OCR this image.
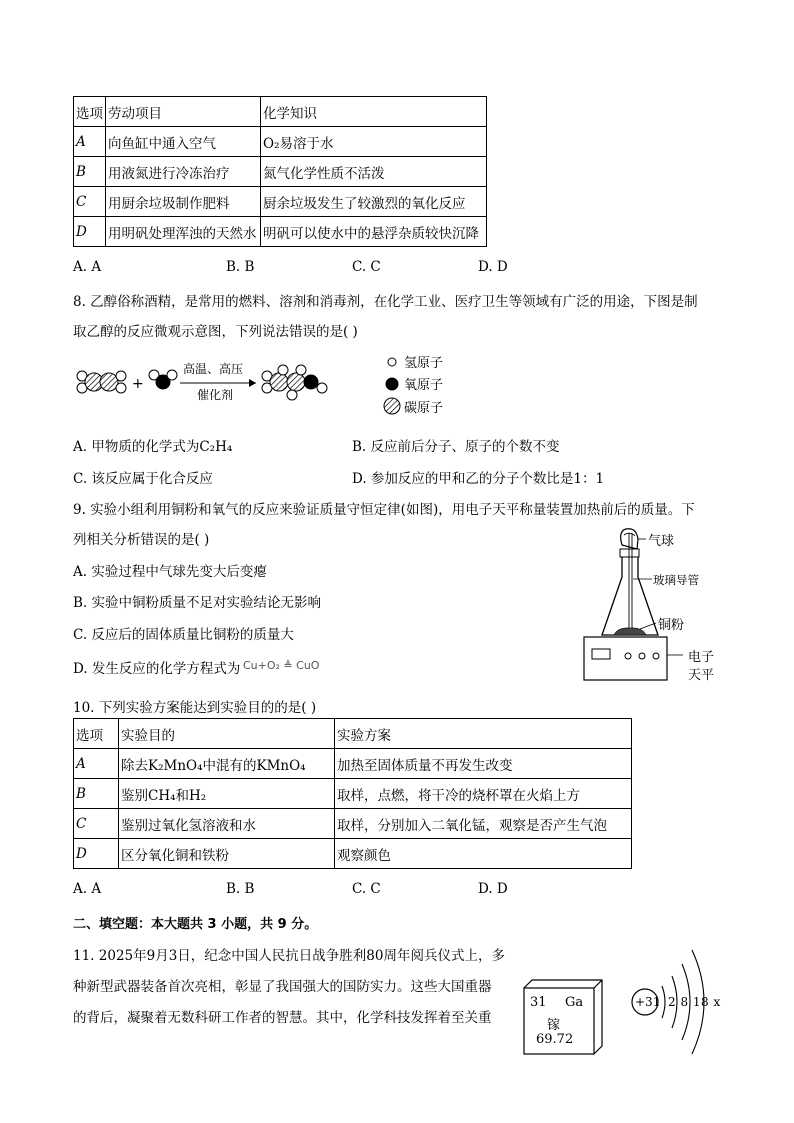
选项	劳动项目	化学知识
A	向鱼缸中通入空气	O₂易溶于水
B	用液氮进行冷冻治疗	氮气化学性质不活泼
C	用厨余垃圾制作肥料	厨余垃圾发生了较激烈的氧化反应
D	用明矾处理浑浊的天然水	明矾可以使水中的悬浮杂质较快沉降
A. A	B. B	C. C	D. D
8. 乙醇俗称酒精，是常用的燃料、溶剂和消毒剂，在化学工业、医疗卫生等领域有广泛的用途，下图是制
取乙醇的反应微观示意图，下列说法错误的是( )
+
高温、高压
催化剂
氢原子
氧原子
碳原子
A. 甲物质的化学式为C₂H₄	B. 反应前后分子、原子的个数不变
C. 该反应属于化合反应	D. 参加反应的甲和乙的分子个数比是1：1
9. 实验小组利用铜粉和氧气的反应来验证质量守恒定律(如图)，用电子天平称量装置加热前后的质量。下
列相关分析错误的是( )
A. 实验过程中气球先变大后变瘪
B. 实验中铜粉质量不足对实验结论无影响
C. 反应后的固体质量比铜粉的质量大
D. 发生反应的化学方程式为 Cu+O₂ ≜ CuO
气球
玻璃导管
铜粉
电子
天平
10. 下列实验方案能达到实验目的的是( )
选项	实验目的	实验方案
A	除去K₂MnO₄中混有的KMnO₄	加热至固体质量不再发生改变
B	鉴别CH₄和H₂	取样，点燃，将干冷的烧杯罩在火焰上方
C	鉴别过氧化氢溶液和水	取样，分别加入二氧化锰，观察是否产生气泡
D	区分氧化铜和铁粉	观察颜色
A. A	B. B	C. C	D. D
二、填空题：本大题共 3 小题，共 9 分。
11. 2025年9月3日，纪念中国人民抗日战争胜利80周年阅兵仪式上，多
种新型武器装备首次亮相，彰显了我国强大的国防实力。这些大国重器
的背后，凝聚着无数科研工作者的智慧。其中，化学科技发挥着至关重
31 Ga
镓
69.72
+31 2 8 18 x
